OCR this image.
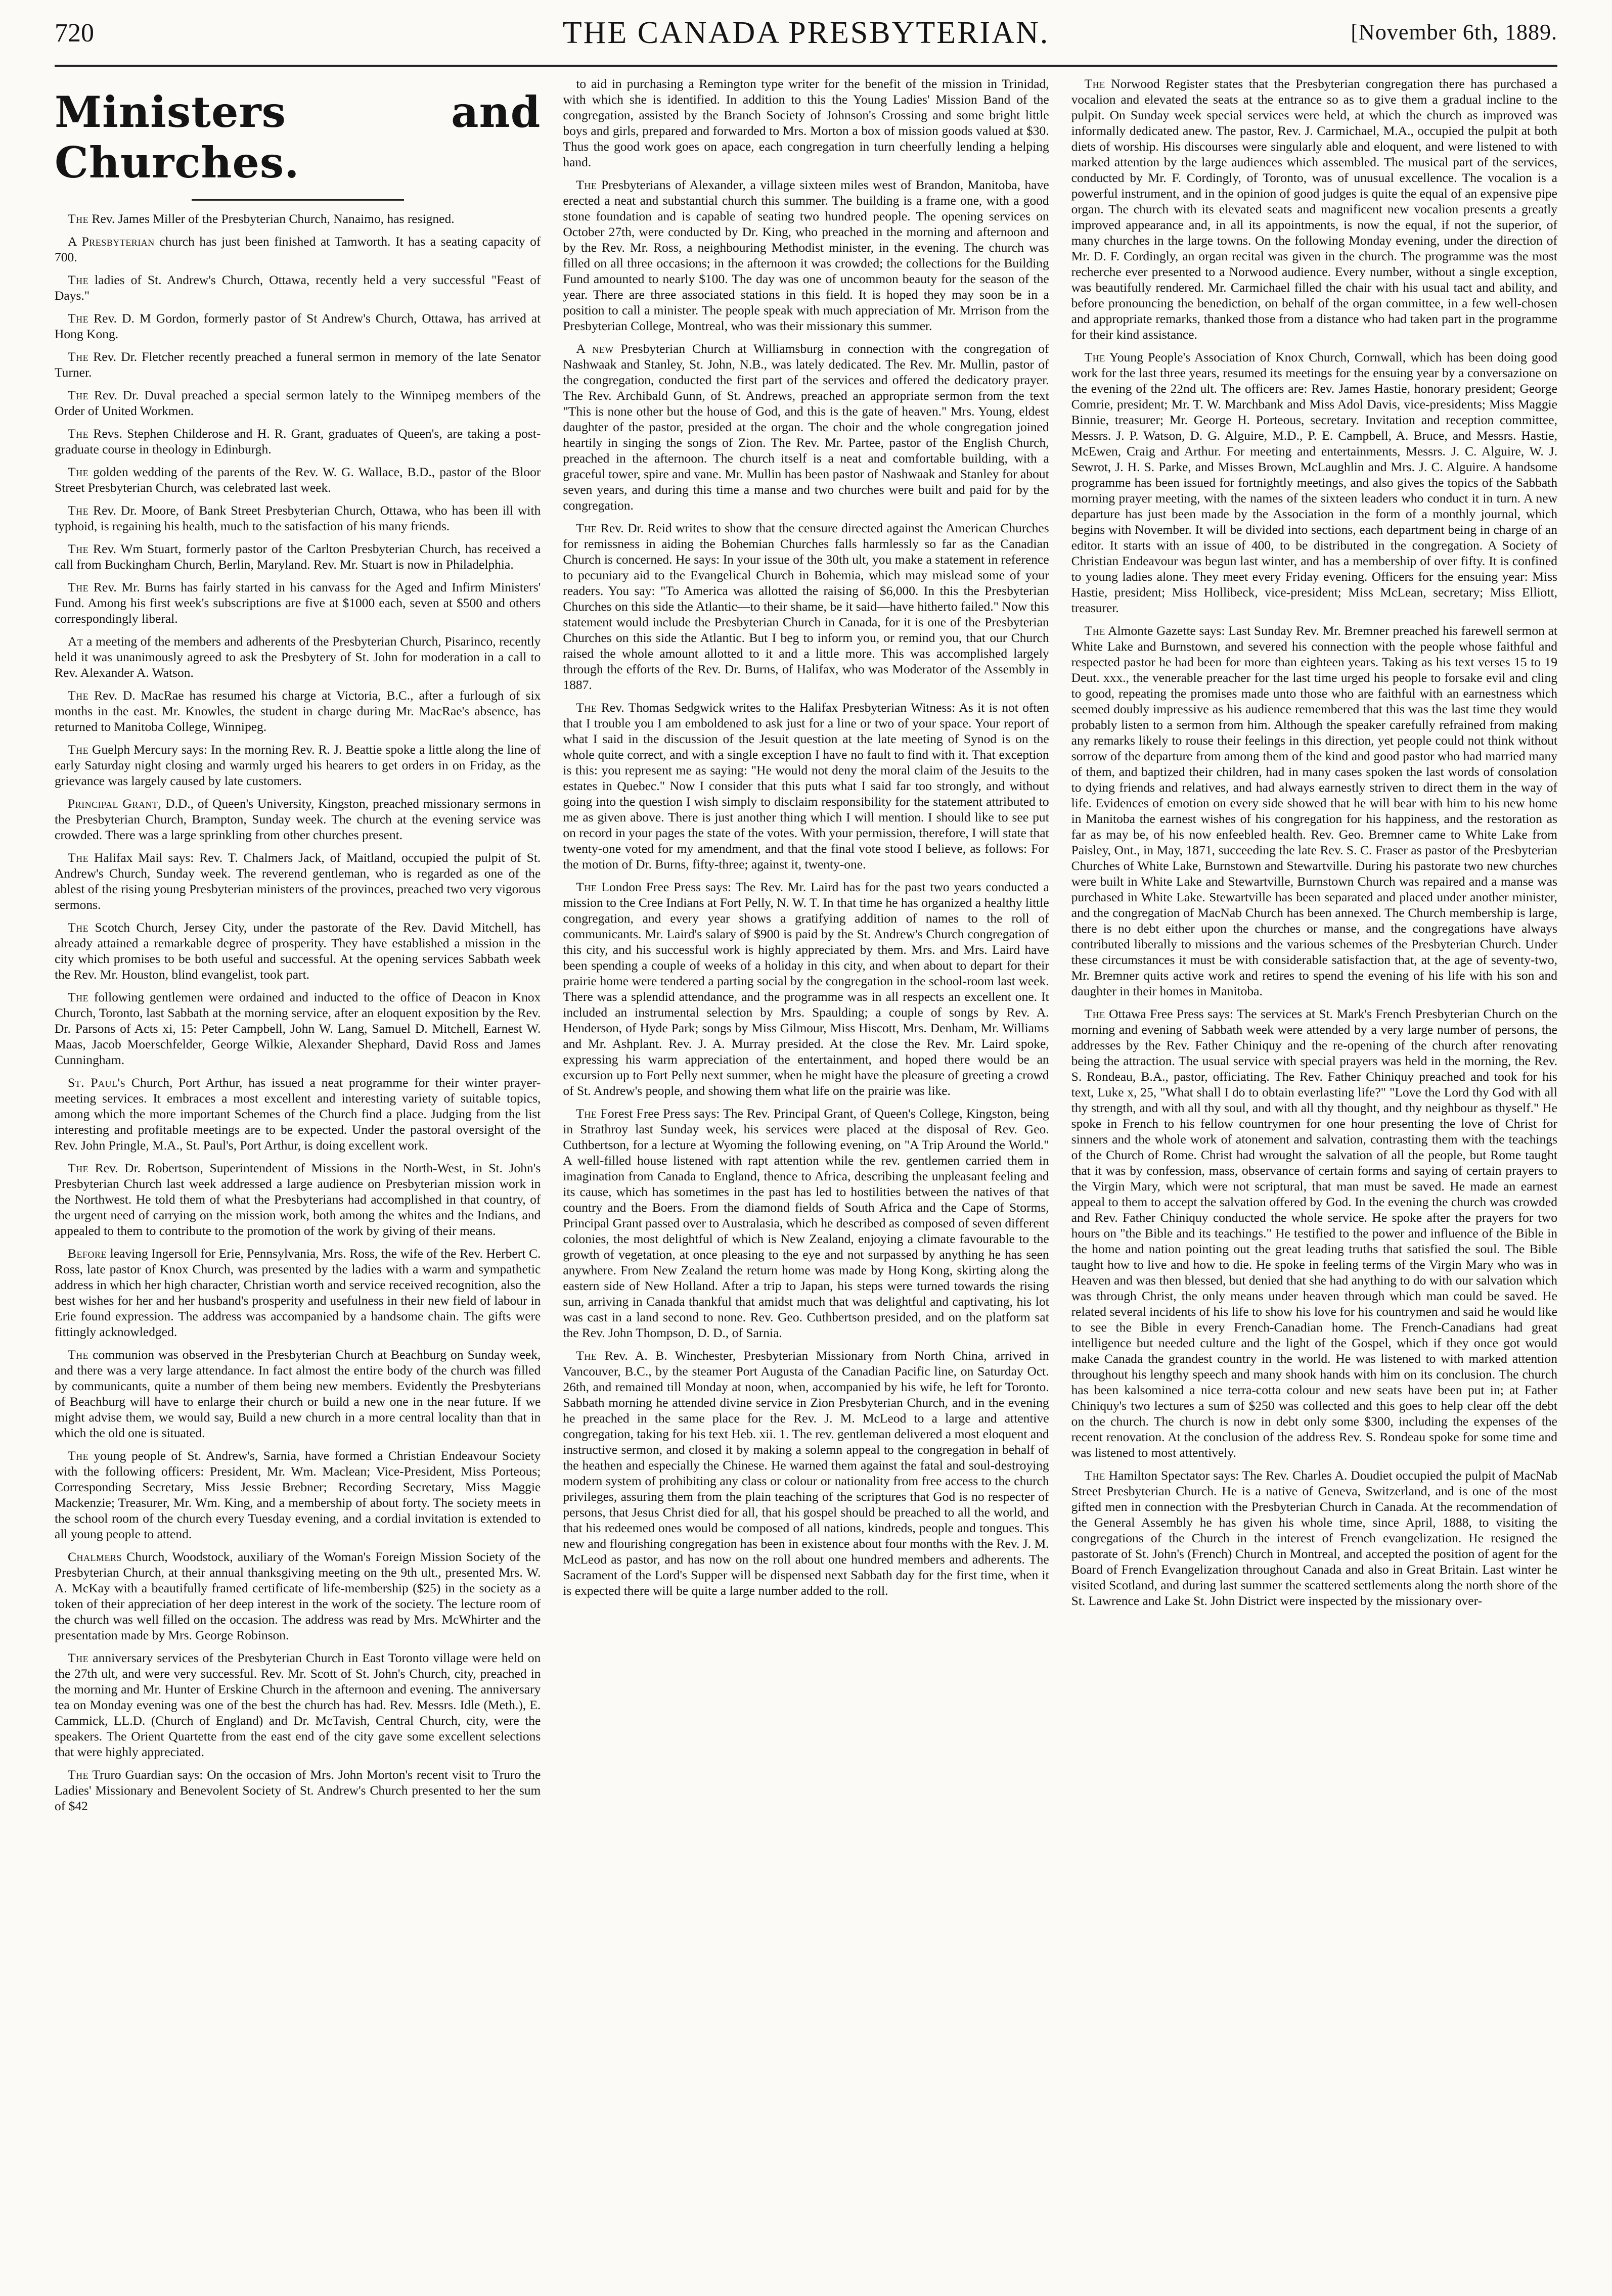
720	THE CANADA PRESBYTERIAN.	[November 6th, 1889.
Ministers and Churches.

The Rev. James Miller of the Presbyterian Church, Nanaimo, has resigned.

A Presbyterian church has just been finished at Tamworth. It has a seating capacity of 700.

The ladies of St. Andrew's Church, Ottawa, recently held a very successful "Feast of Days."

The Rev. D. M Gordon, formerly pastor of St Andrew's Church, Ottawa, has arrived at Hong Kong.

The Rev. Dr. Fletcher recently preached a funeral sermon in memory of the late Senator Turner.

The Rev. Dr. Duval preached a special sermon lately to the Winnipeg members of the Order of United Workmen.

The Revs. Stephen Childerose and H. R. Grant, graduates of Queen's, are taking a post-graduate course in theology in Edinburgh.

The golden wedding of the parents of the Rev. W. G. Wallace, B.D., pastor of the Bloor Street Presbyterian Church, was celebrated last week.

The Rev. Dr. Moore, of Bank Street Presbyterian Church, Ottawa, who has been ill with typhoid, is regaining his health, much to the satisfaction of his many friends.

The Rev. Wm Stuart, formerly pastor of the Carlton Presbyterian Church, has received a call from Buckingham Church, Berlin, Maryland. Rev. Mr. Stuart is now in Philadelphia.

The Rev. Mr. Burns has fairly started in his canvass for the Aged and Infirm Ministers' Fund. Among his first week's subscriptions are five at $1000 each, seven at $500 and others correspondingly liberal.

At a meeting of the members and adherents of the Presbyterian Church, Pisarinco, recently held it was unanimously agreed to ask the Presbytery of St. John for moderation in a call to Rev. Alexander A. Watson.

The Rev. D. MacRae has resumed his charge at Victoria, B.C., after a furlough of six months in the east. Mr. Knowles, the student in charge during Mr. MacRae's absence, has returned to Manitoba College, Winnipeg.

The Guelph Mercury says: In the morning Rev. R. J. Beattie spoke a little along the line of early Saturday night closing and warmly urged his hearers to get orders in on Friday, as the grievance was largely caused by late customers.

Principal Grant, D.D., of Queen's University, Kingston, preached missionary sermons in the Presbyterian Church, Brampton, Sunday week. The church at the evening service was crowded. There was a large sprinkling from other churches present.

The Halifax Mail says: Rev. T. Chalmers Jack, of Maitland, occupied the pulpit of St. Andrew's Church, Sunday week. The reverend gentleman, who is regarded as one of the ablest of the rising young Presbyterian ministers of the provinces, preached two very vigorous sermons.

The Scotch Church, Jersey City, under the pastorate of the Rev. David Mitchell, has already attained a remarkable degree of prosperity. They have established a mission in the city which promises to be both useful and successful. At the opening services Sabbath week the Rev. Mr. Houston, blind evangelist, took part.

The following gentlemen were ordained and inducted to the office of Deacon in Knox Church, Toronto, last Sabbath at the morning service, after an eloquent exposition by the Rev. Dr. Parsons of Acts xi, 15: Peter Campbell, John W. Lang, Samuel D. Mitchell, Earnest W. Maas, Jacob Moerschfelder, George Wilkie, Alexander Shephard, David Ross and James Cunningham.

St. Paul's Church, Port Arthur, has issued a neat programme for their winter prayer-meeting services. It embraces a most excellent and interesting variety of suitable topics, among which the more important Schemes of the Church find a place. Judging from the list interesting and profitable meetings are to be expected. Under the pastoral oversight of the Rev. John Pringle, M.A., St. Paul's, Port Arthur, is doing excellent work.

The Rev. Dr. Robertson, Superintendent of Missions in the North-West, in St. John's Presbyterian Church last week addressed a large audience on Presbyterian mission work in the Northwest. He told them of what the Presbyterians had accomplished in that country, of the urgent need of carrying on the mission work, both among the whites and the Indians, and appealed to them to contribute to the promotion of the work by giving of their means.

Before leaving Ingersoll for Erie, Pennsylvania, Mrs. Ross, the wife of the Rev. Herbert C. Ross, late pastor of Knox Church, was presented by the ladies with a warm and sympathetic address in which her high character, Christian worth and service received recognition, also the best wishes for her and her husband's prosperity and usefulness in their new field of labour in Erie found expression. The address was accompanied by a handsome chain. The gifts were fittingly acknowledged.

The communion was observed in the Presbyterian Church at Beachburg on Sunday week, and there was a very large attendance. In fact almost the entire body of the church was filled by communicants, quite a number of them being new members. Evidently the Presbyterians of Beachburg will have to enlarge their church or build a new one in the near future. If we might advise them, we would say, Build a new church in a more central locality than that in which the old one is situated.

The young people of St. Andrew's, Sarnia, have formed a Christian Endeavour Society with the following officers: President, Mr. Wm. Maclean; Vice-President, Miss Porteous; Corresponding Secretary, Miss Jessie Brebner; Recording Secretary, Miss Maggie Mackenzie; Treasurer, Mr. Wm. King, and a membership of about forty. The society meets in the school room of the church every Tuesday evening, and a cordial invitation is extended to all young people to attend.

Chalmers Church, Woodstock, auxiliary of the Woman's Foreign Mission Society of the Presbyterian Church, at their annual thanksgiving meeting on the 9th ult., presented Mrs. W. A. McKay with a beautifully framed certificate of life-membership ($25) in the society as a token of their appreciation of her deep interest in the work of the society. The lecture room of the church was well filled on the occasion. The address was read by Mrs. McWhirter and the presentation made by Mrs. George Robinson.

The anniversary services of the Presbyterian Church in East Toronto village were held on the 27th ult, and were very successful. Rev. Mr. Scott of St. John's Church, city, preached in the morning and Mr. Hunter of Erskine Church in the afternoon and evening. The anniversary tea on Monday evening was one of the best the church has had. Rev. Messrs. Idle (Meth.), E. Cammick, LL.D. (Church of England) and Dr. McTavish, Central Church, city, were the speakers. The Orient Quartette from the east end of the city gave some excellent selections that were highly appreciated.

The Truro Guardian says: On the occasion of Mrs. John Morton's recent visit to Truro the Ladies' Missionary and Benevolent Society of St. Andrew's Church presented to her the sum of $42

to aid in purchasing a Remington type writer for the benefit of the mission in Trinidad, with which she is identified. In addition to this the Young Ladies' Mission Band of the congregation, assisted by the Branch Society of Johnson's Crossing and some bright little boys and girls, prepared and forwarded to Mrs. Morton a box of mission goods valued at $30. Thus the good work goes on apace, each congregation in turn cheerfully lending a helping hand.

The Presbyterians of Alexander, a village sixteen miles west of Brandon, Manitoba, have erected a neat and substantial church this summer. The building is a frame one, with a good stone foundation and is capable of seating two hundred people. The opening services on October 27th, were conducted by Dr. King, who preached in the morning and afternoon and by the Rev. Mr. Ross, a neighbouring Methodist minister, in the evening. The church was filled on all three occasions; in the afternoon it was crowded; the collections for the Building Fund amounted to nearly $100. The day was one of uncommon beauty for the season of the year. There are three associated stations in this field. It is hoped they may soon be in a position to call a minister. The people speak with much appreciation of Mr. Mrrison from the Presbyterian College, Montreal, who was their missionary this summer.

A new Presbyterian Church at Williamsburg in connection with the congregation of Nashwaak and Stanley, St. John, N.B., was lately dedicated. The Rev. Mr. Mullin, pastor of the congregation, conducted the first part of the services and offered the dedicatory prayer. The Rev. Archibald Gunn, of St. Andrews, preached an appropriate sermon from the text "This is none other but the house of God, and this is the gate of heaven." Mrs. Young, eldest daughter of the pastor, presided at the organ. The choir and the whole congregation joined heartily in singing the songs of Zion. The Rev. Mr. Partee, pastor of the English Church, preached in the afternoon. The church itself is a neat and comfortable building, with a graceful tower, spire and vane. Mr. Mullin has been pastor of Nashwaak and Stanley for about seven years, and during this time a manse and two churches were built and paid for by the congregation.

The Rev. Dr. Reid writes to show that the censure directed against the American Churches for remissness in aiding the Bohemian Churches falls harmlessly so far as the Canadian Church is concerned. He says: In your issue of the 30th ult, you make a statement in reference to pecuniary aid to the Evangelical Church in Bohemia, which may mislead some of your readers. You say: "To America was allotted the raising of $6,000. In this the Presbyterian Churches on this side the Atlantic—to their shame, be it said—have hitherto failed." Now this statement would include the Presbyterian Church in Canada, for it is one of the Presbyterian Churches on this side the Atlantic. But I beg to inform you, or remind you, that our Church raised the whole amount allotted to it and a little more. This was accomplished largely through the efforts of the Rev. Dr. Burns, of Halifax, who was Moderator of the Assembly in 1887.

The Rev. Thomas Sedgwick writes to the Halifax Presbyterian Witness: As it is not often that I trouble you I am emboldened to ask just for a line or two of your space. Your report of what I said in the discussion of the Jesuit question at the late meeting of Synod is on the whole quite correct, and with a single exception I have no fault to find with it. That exception is this: you represent me as saying: "He would not deny the moral claim of the Jesuits to the estates in Quebec." Now I consider that this puts what I said far too strongly, and without going into the question I wish simply to disclaim responsibility for the statement attributed to me as given above. There is just another thing which I will mention. I should like to see put on record in your pages the state of the votes. With your permission, therefore, I will state that twenty-one voted for my amendment, and that the final vote stood I believe, as follows: For the motion of Dr. Burns, fifty-three; against it, twenty-one.

The London Free Press says: The Rev. Mr. Laird has for the past two years conducted a mission to the Cree Indians at Fort Pelly, N. W. T. In that time he has organized a healthy little congregation, and every year shows a gratifying addition of names to the roll of communicants. Mr. Laird's salary of $900 is paid by the St. Andrew's Church congregation of this city, and his successful work is highly appreciated by them. Mrs. and Mrs. Laird have been spending a couple of weeks of a holiday in this city, and when about to depart for their prairie home were tendered a parting social by the congregation in the school-room last week. There was a splendid attendance, and the programme was in all respects an excellent one. It included an instrumental selection by Mrs. Spaulding; a couple of songs by Rev. A. Henderson, of Hyde Park; songs by Miss Gilmour, Miss Hiscott, Mrs. Denham, Mr. Williams and Mr. Ashplant. Rev. J. A. Murray presided. At the close the Rev. Mr. Laird spoke, expressing his warm appreciation of the entertainment, and hoped there would be an excursion up to Fort Pelly next summer, when he might have the pleasure of greeting a crowd of St. Andrew's people, and showing them what life on the prairie was like.

The Forest Free Press says: The Rev. Principal Grant, of Queen's College, Kingston, being in Strathroy last Sunday week, his services were placed at the disposal of Rev. Geo. Cuthbertson, for a lecture at Wyoming the following evening, on "A Trip Around the World." A well-filled house listened with rapt attention while the rev. gentlemen carried them in imagination from Canada to England, thence to Africa, describing the unpleasant feeling and its cause, which has sometimes in the past has led to hostilities between the natives of that country and the Boers. From the diamond fields of South Africa and the Cape of Storms, Principal Grant passed over to Australasia, which he described as composed of seven different colonies, the most delightful of which is New Zealand, enjoying a climate favourable to the growth of vegetation, at once pleasing to the eye and not surpassed by anything he has seen anywhere. From New Zealand the return home was made by Hong Kong, skirting along the eastern side of New Holland. After a trip to Japan, his steps were turned towards the rising sun, arriving in Canada thankful that amidst much that was delightful and captivating, his lot was cast in a land second to none. Rev. Geo. Cuthbertson presided, and on the platform sat the Rev. John Thompson, D. D., of Sarnia.

The Rev. A. B. Winchester, Presbyterian Missionary from North China, arrived in Vancouver, B.C., by the steamer Port Augusta of the Canadian Pacific line, on Saturday Oct. 26th, and remained till Monday at noon, when, accompanied by his wife, he left for Toronto. Sabbath morning he attended divine service in Zion Presbyterian Church, and in the evening he preached in the same place for the Rev. J. M. McLeod to a large and attentive congregation, taking for his text Heb. xii. 1. The rev. gentleman delivered a most eloquent and instructive sermon, and closed it by making a solemn appeal to the congregation in behalf of the heathen and especially the Chinese. He warned them against the fatal and soul-destroying modern system of prohibiting any class or colour or nationality from free access to the church privileges, assuring them from the plain teaching of the scriptures that God is no respecter of persons, that Jesus Christ died for all, that his gospel should be preached to all the world, and that his redeemed ones would be composed of all nations, kindreds, people and tongues. This new and flourishing congregation has been in existence about four months with the Rev. J. M. McLeod as pastor, and has now on the roll about one hundred members and adherents. The Sacrament of the Lord's Supper will be dispensed next Sabbath day for the first time, when it is expected there will be quite a large number added to the roll.

The Norwood Register states that the Presbyterian congregation there has purchased a vocalion and elevated the seats at the entrance so as to give them a gradual incline to the pulpit. On Sunday week special services were held, at which the church as improved was informally dedicated anew. The pastor, Rev. J. Carmichael, M.A., occupied the pulpit at both diets of worship. His discourses were singularly able and eloquent, and were listened to with marked attention by the large audiences which assembled. The musical part of the services, conducted by Mr. F. Cordingly, of Toronto, was of unusual excellence. The vocalion is a powerful instrument, and in the opinion of good judges is quite the equal of an expensive pipe organ. The church with its elevated seats and magnificent new vocalion presents a greatly improved appearance and, in all its appointments, is now the equal, if not the superior, of many churches in the large towns. On the following Monday evening, under the direction of Mr. D. F. Cordingly, an organ recital was given in the church. The programme was the most recherche ever presented to a Norwood audience. Every number, without a single exception, was beautifully rendered. Mr. Carmichael filled the chair with his usual tact and ability, and before pronouncing the benediction, on behalf of the organ committee, in a few well-chosen and appropriate remarks, thanked those from a distance who had taken part in the programme for their kind assistance.

The Young People's Association of Knox Church, Cornwall, which has been doing good work for the last three years, resumed its meetings for the ensuing year by a conversazione on the evening of the 22nd ult. The officers are: Rev. James Hastie, honorary president; George Comrie, president; Mr. T. W. Marchbank and Miss Adol Davis, vice-presidents; Miss Maggie Binnie, treasurer; Mr. George H. Porteous, secretary. Invitation and reception committee, Messrs. J. P. Watson, D. G. Alguire, M.D., P. E. Campbell, A. Bruce, and Messrs. Hastie, McEwen, Craig and Arthur. For meeting and entertainments, Messrs. J. C. Alguire, W. J. Sewrot, J. H. S. Parke, and Misses Brown, McLaughlin and Mrs. J. C. Alguire. A handsome programme has been issued for fortnightly meetings, and also gives the topics of the Sabbath morning prayer meeting, with the names of the sixteen leaders who conduct it in turn. A new departure has just been made by the Association in the form of a monthly journal, which begins with November. It will be divided into sections, each department being in charge of an editor. It starts with an issue of 400, to be distributed in the congregation. A Society of Christian Endeavour was begun last winter, and has a membership of over fifty. It is confined to young ladies alone. They meet every Friday evening. Officers for the ensuing year: Miss Hastie, president; Miss Hollibeck, vice-president; Miss McLean, secretary; Miss Elliott, treasurer.

The Almonte Gazette says: Last Sunday Rev. Mr. Bremner preached his farewell sermon at White Lake and Burnstown, and severed his connection with the people whose faithful and respected pastor he had been for more than eighteen years. Taking as his text verses 15 to 19 Deut. xxx., the venerable preacher for the last time urged his people to forsake evil and cling to good, repeating the promises made unto those who are faithful with an earnestness which seemed doubly impressive as his audience remembered that this was the last time they would probably listen to a sermon from him. Although the speaker carefully refrained from making any remarks likely to rouse their feelings in this direction, yet people could not think without sorrow of the departure from among them of the kind and good pastor who had married many of them, and baptized their children, had in many cases spoken the last words of consolation to dying friends and relatives, and had always earnestly striven to direct them in the way of life. Evidences of emotion on every side showed that he will bear with him to his new home in Manitoba the earnest wishes of his congregation for his happiness, and the restoration as far as may be, of his now enfeebled health. Rev. Geo. Bremner came to White Lake from Paisley, Ont., in May, 1871, succeeding the late Rev. S. C. Fraser as pastor of the Presbyterian Churches of White Lake, Burnstown and Stewartville. During his pastorate two new churches were built in White Lake and Stewartville, Burnstown Church was repaired and a manse was purchased in White Lake. Stewartville has been separated and placed under another minister, and the congregation of MacNab Church has been annexed. The Church membership is large, there is no debt either upon the churches or manse, and the congregations have always contributed liberally to missions and the various schemes of the Presbyterian Church. Under these circumstances it must be with considerable satisfaction that, at the age of seventy-two, Mr. Bremner quits active work and retires to spend the evening of his life with his son and daughter in their homes in Manitoba.

The Ottawa Free Press says: The services at St. Mark's French Presbyterian Church on the morning and evening of Sabbath week were attended by a very large number of persons, the addresses by the Rev. Father Chiniquy and the re-opening of the church after renovating being the attraction. The usual service with special prayers was held in the morning, the Rev. S. Rondeau, B.A., pastor, officiating. The Rev. Father Chiniquy preached and took for his text, Luke x, 25, "What shall I do to obtain everlasting life?" "Love the Lord thy God with all thy strength, and with all thy soul, and with all thy thought, and thy neighbour as thyself." He spoke in French to his fellow countrymen for one hour presenting the love of Christ for sinners and the whole work of atonement and salvation, contrasting them with the teachings of the Church of Rome. Christ had wrought the salvation of all the people, but Rome taught that it was by confession, mass, observance of certain forms and saying of certain prayers to the Virgin Mary, which were not scriptural, that man must be saved. He made an earnest appeal to them to accept the salvation offered by God. In the evening the church was crowded and Rev. Father Chiniquy conducted the whole service. He spoke after the prayers for two hours on "the Bible and its teachings." He testified to the power and influence of the Bible in the home and nation pointing out the great leading truths that satisfied the soul. The Bible taught how to live and how to die. He spoke in feeling terms of the Virgin Mary who was in Heaven and was then blessed, but denied that she had anything to do with our salvation which was through Christ, the only means under heaven through which man could be saved. He related several incidents of his life to show his love for his countrymen and said he would like to see the Bible in every French-Canadian home. The French-Canadians had great intelligence but needed culture and the light of the Gospel, which if they once got would make Canada the grandest country in the world. He was listened to with marked attention throughout his lengthy speech and many shook hands with him on its conclusion. The church has been kalsomined a nice terra-cotta colour and new seats have been put in; at Father Chiniquy's two lectures a sum of $250 was collected and this goes to help clear off the debt on the church. The church is now in debt only some $300, including the expenses of the recent renovation. At the conclusion of the address Rev. S. Rondeau spoke for some time and was listened to most attentively.

The Hamilton Spectator says: The Rev. Charles A. Doudiet occupied the pulpit of MacNab Street Presbyterian Church. He is a native of Geneva, Switzerland, and is one of the most gifted men in connection with the Presbyterian Church in Canada. At the recommendation of the General Assembly he has given his whole time, since April, 1888, to visiting the congregations of the Church in the interest of French evangelization. He resigned the pastorate of St. John's (French) Church in Montreal, and accepted the position of agent for the Board of French Evangelization throughout Canada and also in Great Britain. Last winter he visited Scotland, and during last summer the scattered settlements along the north shore of the St. Lawrence and Lake St. John District were inspected by the missionary over-
